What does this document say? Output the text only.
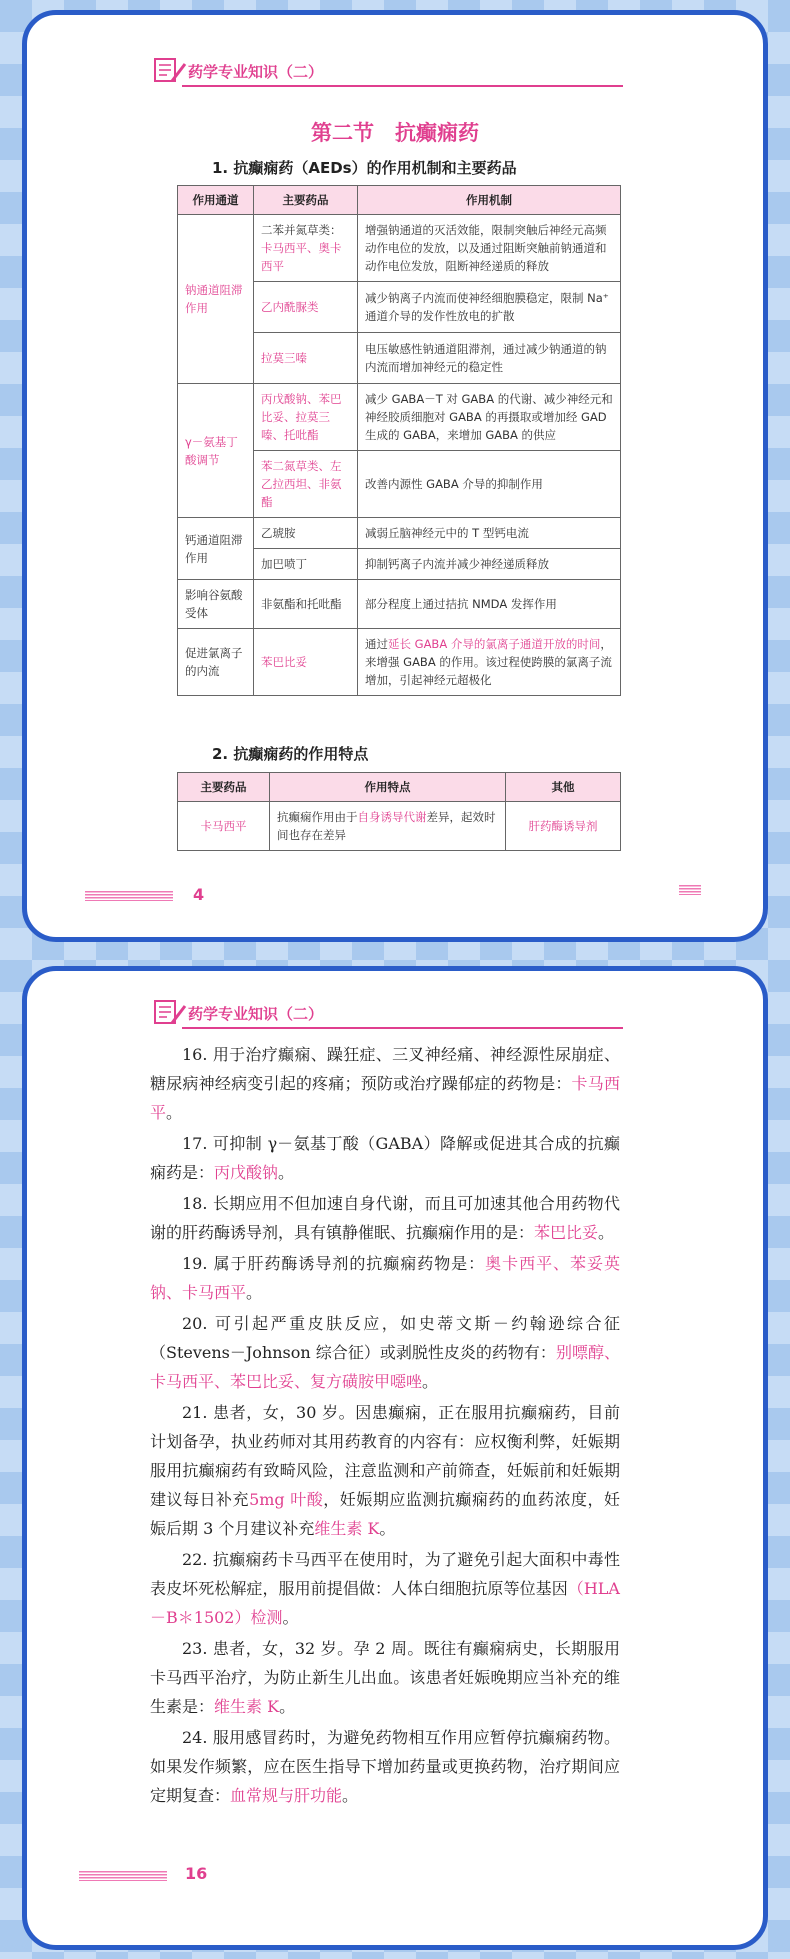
药学专业知识（二）
第二节　抗癫痫药
1. 抗癫痫药（AEDs）的作用机制和主要药品
作用通道	主要药品	作用机制
钠通道阻滞作用	二苯并氮草类：卡马西平、奥卡西平	增强钠通道的灭活效能，限制突触后神经元高频动作电位的发放，以及通过阻断突触前钠通道和动作电位发放，阻断神经递质的释放
	乙内酰脲类	减少钠离子内流而使神经细胞膜稳定，限制 Na⁺ 通道介导的发作性放电的扩散
	拉莫三嗪	电压敏感性钠通道阻滞剂，通过减少钠通道的钠内流而增加神经元的稳定性
γ－氨基丁酸调节	丙戊酸钠、苯巴比妥、拉莫三嗪、托吡酯	减少 GABA－T 对 GABA 的代谢、减少神经元和神经胶质细胞对 GABA 的再摄取或增加经 GAD 生成的 GABA，来增加 GABA 的供应
	苯二氮草类、左乙拉西坦、非氨酯	改善内源性 GABA 介导的抑制作用
钙通道阻滞作用	乙琥胺	减弱丘脑神经元中的 T 型钙电流
	加巴喷丁	抑制钙离子内流并减少神经递质释放
影响谷氨酸受体	非氨酯和托吡酯	部分程度上通过拮抗 NMDA 发挥作用
促进氯离子的内流	苯巴比妥	通过延长 GABA 介导的氯离子通道开放的时间，来增强 GABA 的作用。该过程使跨膜的氯离子流增加，引起神经元超极化
2. 抗癫痫药的作用特点
主要药品	作用特点	其他
卡马西平	抗癫痫作用由于自身诱导代谢差异，起效时间也存在差异	肝药酶诱导剂
4
药学专业知识（二）
16

16. 用于治疗癫痫、躁狂症、三叉神经痛、神经源性尿崩症、糖尿病神经病变引起的疼痛；预防或治疗躁郁症的药物是：卡马西平。

17. 可抑制 γ－氨基丁酸（GABA）降解或促进其合成的抗癫痫药是：丙戊酸钠。

18. 长期应用不但加速自身代谢，而且可加速其他合用药物代谢的肝药酶诱导剂，具有镇静催眠、抗癫痫作用的是：苯巴比妥。

19. 属于肝药酶诱导剂的抗癫痫药物是：奥卡西平、苯妥英钠、卡马西平。

20. 可引起严重皮肤反应，如史蒂文斯－约翰逊综合征（Stevens－Johnson 综合征）或剥脱性皮炎的药物有：别嘌醇、卡马西平、苯巴比妥、复方磺胺甲噁唑。

21. 患者，女，30 岁。因患癫痫，正在服用抗癫痫药，目前计划备孕，执业药师对其用药教育的内容有：应权衡利弊，妊娠期服用抗癫痫药有致畸风险，注意监测和产前筛查，妊娠前和妊娠期建议每日补充5mg 叶酸，妊娠期应监测抗癫痫药的血药浓度，妊娠后期 3 个月建议补充维生素 K。

22. 抗癫痫药卡马西平在使用时，为了避免引起大面积中毒性表皮坏死松解症，服用前提倡做：人体白细胞抗原等位基因（HLA－B＊1502）检测。

23. 患者，女，32 岁。孕 2 周。既往有癫痫病史，长期服用卡马西平治疗，为防止新生儿出血。该患者妊娠晚期应当补充的维生素是：维生素 K。

24. 服用感冒药时，为避免药物相互作用应暂停抗癫痫药物。如果发作频繁，应在医生指导下增加药量或更换药物，治疗期间应定期复查：血常规与肝功能。
